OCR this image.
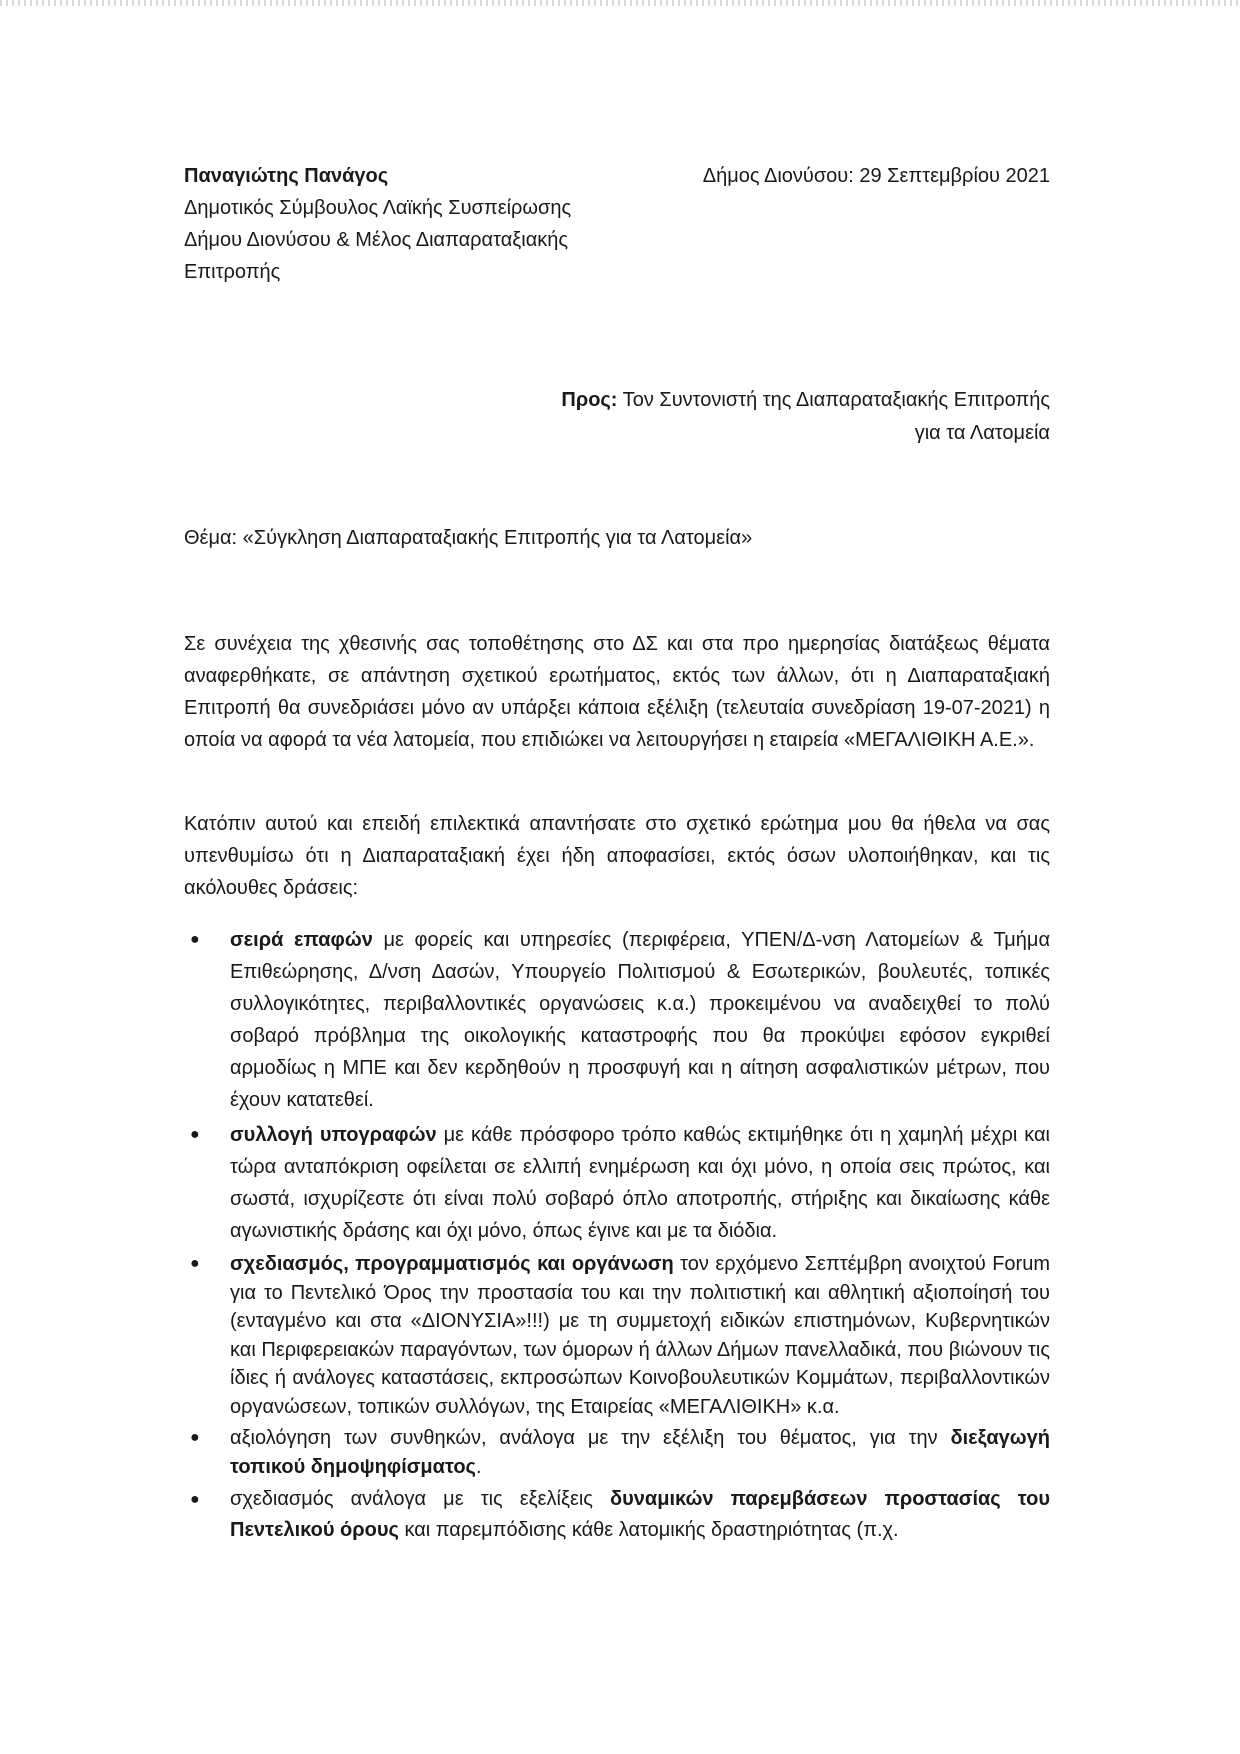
Παναγιώτης Πανάγος
Δημοτικός Σύμβουλος Λαϊκής Συσπείρωσης
Δήμου Διονύσου & Μέλος Διαπαραταξιακής
Επιτροπής
Δήμος Διονύσου: 29 Σεπτεμβρίου 2021
Προς: Τον Συντονιστή της Διαπαραταξιακής Επιτροπής
για τα Λατομεία
Θέμα: «Σύγκληση Διαπαραταξιακής Επιτροπής για τα Λατομεία»
Σε συνέχεια της χθεσινής σας τοποθέτησης στο ΔΣ και στα προ ημερησίας διατάξεως θέματα αναφερθήκατε, σε απάντηση σχετικού ερωτήματος, εκτός των άλλων, ότι η Διαπαραταξιακή Επιτροπή θα συνεδριάσει μόνο αν υπάρξει κάποια εξέλιξη (τελευταία συνεδρίαση 19-07-2021) η οποία να αφορά τα νέα λατομεία, που επιδιώκει να λειτουργήσει η εταιρεία «ΜΕΓΑΛΙΘΙΚΗ Α.Ε.».
Κατόπιν αυτού και επειδή επιλεκτικά απαντήσατε στο σχετικό ερώτημα μου θα ήθελα να σας υπενθυμίσω ότι η Διαπαραταξιακή έχει ήδη αποφασίσει, εκτός όσων υλοποιήθηκαν, και τις ακόλουθες δράσεις:
● σειρά επαφών με φορείς και υπηρεσίες (περιφέρεια, ΥΠΕΝ/Δ-νση Λατομείων & Τμήμα Επιθεώρησης, Δ/νση Δασών, Υπουργείο Πολιτισμού & Εσωτερικών, βουλευτές, τοπικές συλλογικότητες, περιβαλλοντικές οργανώσεις κ.α.) προκειμένου να αναδειχθεί το πολύ σοβαρό πρόβλημα της οικολογικής καταστροφής που θα προκύψει εφόσον εγκριθεί αρμοδίως η ΜΠΕ και δεν κερδηθούν η προσφυγή και η αίτηση ασφαλιστικών μέτρων, που έχουν κατατεθεί.
● συλλογή υπογραφών με κάθε πρόσφορο τρόπο καθώς εκτιμήθηκε ότι η χαμηλή μέχρι και τώρα ανταπόκριση οφείλεται σε ελλιπή ενημέρωση και όχι μόνο, η οποία σεις πρώτος, και σωστά, ισχυρίζεστε ότι είναι πολύ σοβαρό όπλο αποτροπής, στήριξης και δικαίωσης κάθε αγωνιστικής δράσης και όχι μόνο, όπως έγινε και με τα διόδια.
● σχεδιασμός, προγραμματισμός και οργάνωση τον ερχόμενο Σεπτέμβρη ανοιχτού Forum για το Πεντελικό Όρος την προστασία του και την πολιτιστική και αθλητική αξιοποίησή του (ενταγμένο και στα «ΔΙΟΝΥΣΙΑ»!!!) με τη συμμετοχή ειδικών επιστημόνων, Κυβερνητικών και Περιφερειακών παραγόντων, των όμορων ή άλλων Δήμων πανελλαδικά, που βιώνουν τις ίδιες ή ανάλογες καταστάσεις, εκπροσώπων Κοινοβουλευτικών Κομμάτων, περιβαλλοντικών οργανώσεων, τοπικών συλλόγων, της Εταιρείας «ΜΕΓΑΛΙΘΙΚΗ» κ.α.
● αξιολόγηση των συνθηκών, ανάλογα με την εξέλιξη του θέματος, για την διεξαγωγή τοπικού δημοψηφίσματος.
● σχεδιασμός ανάλογα με τις εξελίξεις δυναμικών παρεμβάσεων προστασίας του Πεντελικού όρους και παρεμπόδισης κάθε λατομικής δραστηριότητας (π.χ.
